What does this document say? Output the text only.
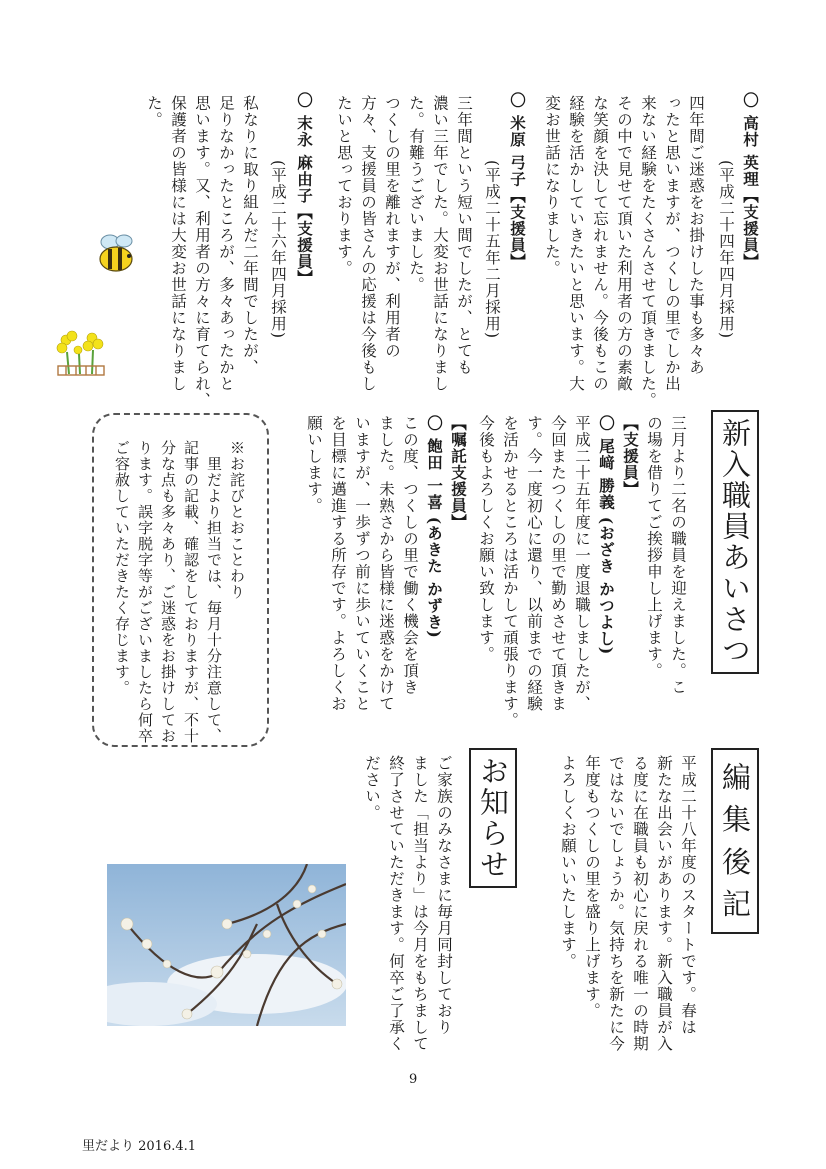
〇 高村 英理【支援員】
(平成二十四年四月採用)
四年間ご迷惑をお掛けした事も多々あ
ったと思いますが、つくしの里でしか出
来ない経験をたくさんさせて頂きました。
その中で見せて頂いた利用者の方の素敵
な笑顔を決して忘れません。今後もこの
経験を活かしていきたいと思います。大
変お世話になりました。
〇 米原 弓子【支援員】
(平成二十五年二月採用)
三年間という短い間でしたが、とても
濃い三年でした。大変お世話になりまし
た。有難うございました。
つくしの里を離れますが、利用者の
方々、支援員の皆さんの応援は今後もし
たいと思っております。
〇 末永 麻由子【支援員】
(平成二十六年四月採用)
私なりに取り組んだ二年間でしたが、
足りなかったところが、多々あったかと
思います。又、利用者の方々に育てられ、
保護者の皆様には大変お世話になりまし
た。
新入職員あいさつ
三月より二名の職員を迎えました。こ
の場を借りてご挨拶申し上げます。
【支援員】
〇 尾﨑 勝義 (おざき かつよし)
平成二十五年度に一度退職しましたが、
今回またつくしの里で勤めさせて頂きま
す。今一度初心に還り、以前までの経験
を活かせるところは活かして頑張ります。
今後もよろしくお願い致します。
【嘱託支援員】
〇 飽田 一喜 (あきた かずき)
この度、つくしの里で働く機会を頂き
ました。未熟さから皆様に迷惑をかけて
いますが、一歩ずつ前に歩いていくこと
を目標に邁進する所存です。よろしくお
願いします。
編 集 後 記
平成二十八年度のスタートです。春は
新たな出会いがあります。新入職員が入
る度に在職員も初心に戻れる唯一の時期
ではないでしょうか。気持ちを新たに今
年度もつくしの里を盛り上げます。
よろしくお願いいたします。
お知らせ
ご家族のみなさまに毎月同封しており
ました「担当より」は今月をもちまして
終了させていただきます。何卒ご了承く
ださい。
※お詫びとおことわり
　里だより担当では、毎月十分注意して、
記事の記載、確認をしておりますが、不十
分な点も多々あり、ご迷惑をお掛けしてお
ります。誤字脱字等がございましたら何卒
ご容赦していただきたく存じます。
9
里だより 2016.4.1
